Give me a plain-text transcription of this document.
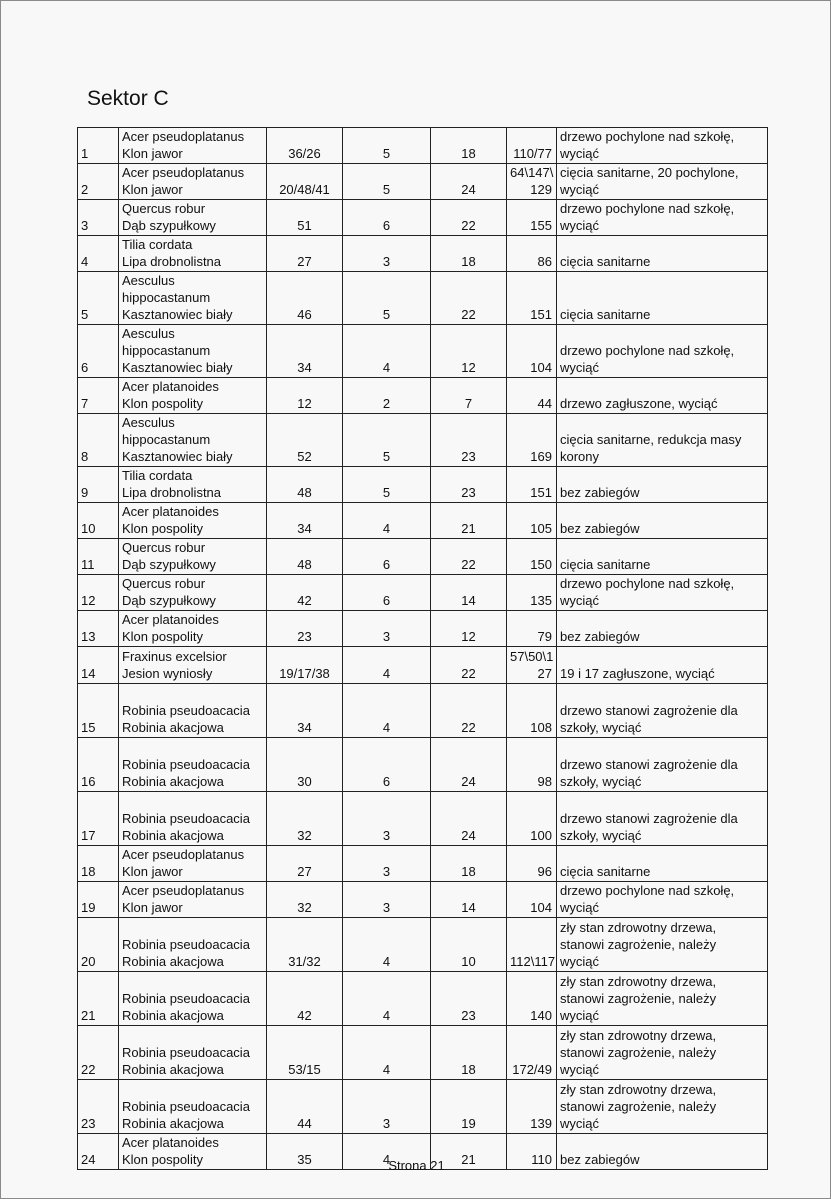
Sektor C
1	Acer pseudoplatanus
Klon jawor	36/26	5	18	110/77	drzewo pochylone nad szkołę,
wyciąć
2	Acer pseudoplatanus
Klon jawor	20/48/41	5	24	64\147\
129	cięcia sanitarne, 20 pochylone,
wyciąć
3	Quercus robur
Dąb szypułkowy	51	6	22	155	drzewo pochylone nad szkołę,
wyciąć
4	Tilia cordata
Lipa drobnolistna	27	3	18	86	cięcia sanitarne
5	Aesculus
hippocastanum
Kasztanowiec biały	46	5	22	151	cięcia sanitarne
6	Aesculus
hippocastanum
Kasztanowiec biały	34	4	12	104	drzewo pochylone nad szkołę,
wyciąć
7	Acer platanoides
Klon pospolity	12	2	7	44	drzewo zagłuszone, wyciąć
8	Aesculus
hippocastanum
Kasztanowiec biały	52	5	23	169	cięcia sanitarne, redukcja masy
korony
9	Tilia cordata
Lipa drobnolistna	48	5	23	151	bez zabiegów
10	Acer platanoides
Klon pospolity	34	4	21	105	bez zabiegów
11	Quercus robur
Dąb szypułkowy	48	6	22	150	cięcia sanitarne
12	Quercus robur
Dąb szypułkowy	42	6	14	135	drzewo pochylone nad szkołę,
wyciąć
13	Acer platanoides
Klon pospolity	23	3	12	79	bez zabiegów
14	Fraxinus excelsior
Jesion wyniosły	19/17/38	4	22	57\50\1
27	19 i 17 zagłuszone, wyciąć
15	Robinia pseudoacacia
Robinia akacjowa	34	4	22	108	drzewo stanowi zagrożenie dla
szkoły, wyciąć
16	Robinia pseudoacacia
Robinia akacjowa	30	6	24	98	drzewo stanowi zagrożenie dla
szkoły, wyciąć
17	Robinia pseudoacacia
Robinia akacjowa	32	3	24	100	drzewo stanowi zagrożenie dla
szkoły, wyciąć
18	Acer pseudoplatanus
Klon jawor	27	3	18	96	cięcia sanitarne
19	Acer pseudoplatanus
Klon jawor	32	3	14	104	drzewo pochylone nad szkołę,
wyciąć
20	Robinia pseudoacacia
Robinia akacjowa	31/32	4	10	112\117	zły stan zdrowotny drzewa,
stanowi zagrożenie, należy
wyciąć
21	Robinia pseudoacacia
Robinia akacjowa	42	4	23	140	zły stan zdrowotny drzewa,
stanowi zagrożenie, należy
wyciąć
22	Robinia pseudoacacia
Robinia akacjowa	53/15	4	18	172/49	zły stan zdrowotny drzewa,
stanowi zagrożenie, należy
wyciąć
23	Robinia pseudoacacia
Robinia akacjowa	44	3	19	139	zły stan zdrowotny drzewa,
stanowi zagrożenie, należy
wyciąć
24	Acer platanoides
Klon pospolity	35	4	21	110	bez zabiegów
Strona 21
